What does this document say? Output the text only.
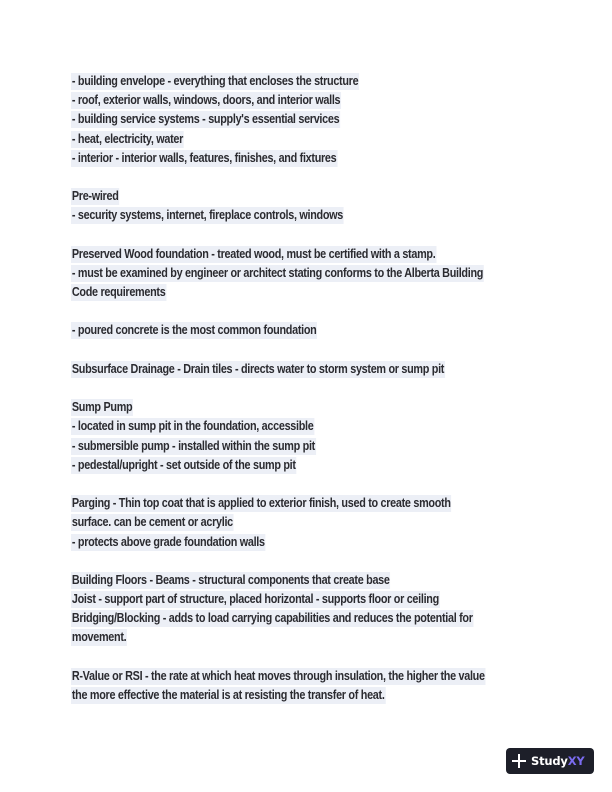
- building envelope - everything that encloses the structure
- roof, exterior walls, windows, doors, and interior walls
- building service systems - supply's essential services
- heat, electricity, water
- interior - interior walls, features, finishes, and fixtures
Pre-wired
- security systems, internet, fireplace controls, windows
Preserved Wood foundation - treated wood, must be certified with a stamp.
- must be examined by engineer or architect stating conforms to the Alberta Building
Code requirements
- poured concrete is the most common foundation
Subsurface Drainage - Drain tiles - directs water to storm system or sump pit
Sump Pump
- located in sump pit in the foundation, accessible
- submersible pump - installed within the sump pit
- pedestal/upright - set outside of the sump pit
Parging - Thin top coat that is applied to exterior finish, used to create smooth
surface. can be cement or acrylic
- protects above grade foundation walls
Building Floors - Beams - structural components that create base
Joist - support part of structure, placed horizontal - supports floor or ceiling
Bridging/Blocking - adds to load carrying capabilities and reduces the potential for
movement.
R-Value or RSI - the rate at which heat moves through insulation, the higher the value
the more effective the material is at resisting the transfer of heat.
StudyXY
